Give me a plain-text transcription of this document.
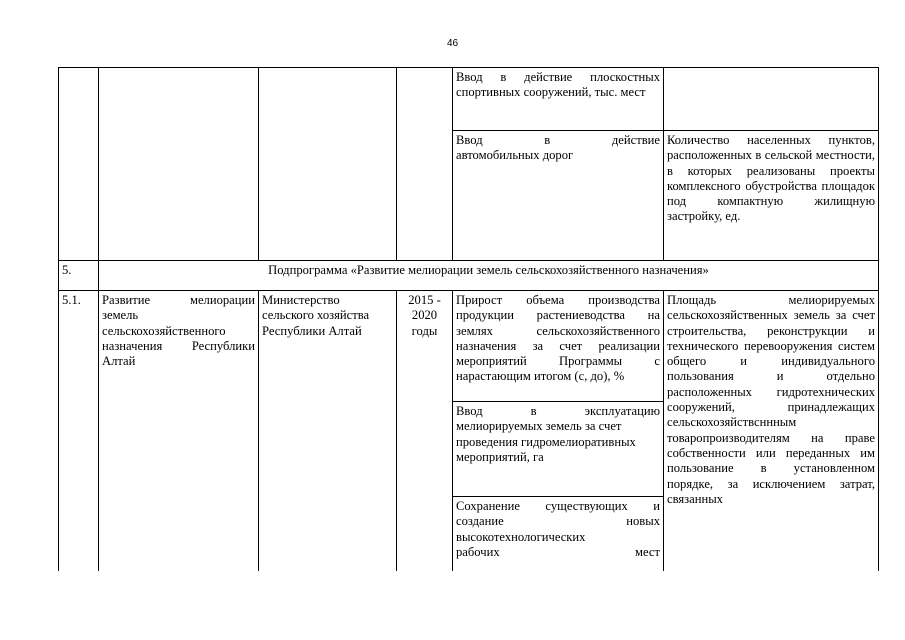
46
				Ввод в действие плоскостных спортивных сооружений, тыс. мест	

				Ввод в действие
автомобильных дорог	Количество населенных пунктов, расположенных в сельской местности, в которых реализованы проекты комплексного обустройства площадок под компактную жилищную застройку, ед.
5.	Подпрограмма «Развитие мелиорации земель сельскохозяйственного назначения»				
5.1.	Развитие мелиорации земель сельскохозяйственного назначения Республики Алтай	Министерство сельского хозяйства Республики Алтай	2015 - 2020 годы	Прирост объема производства продукции растениеводства на землях сельскохозяйственного назначения за счет реализации мероприятий Программы с нарастающим итогом (с, до), %	Площадь мелиорируемых сельскохозяйственных земель за счет строительства, реконструкции и технического перевооружения систем общего и индивидуального пользования и отдельно расположенных гидротехнических сооружений, принадлежащих сельскохозяйствсннным товаропроизводителям на праве собственности или переданных им пользование в установленном порядке, за исключением затрат, связанных

				Ввод в эксплуатацию
мелиорируемых земель за счет проведения гидромелиоративных мероприятий, га	

				Сохранение существующих и создание новых высокотехнологических
рабочих мест	
